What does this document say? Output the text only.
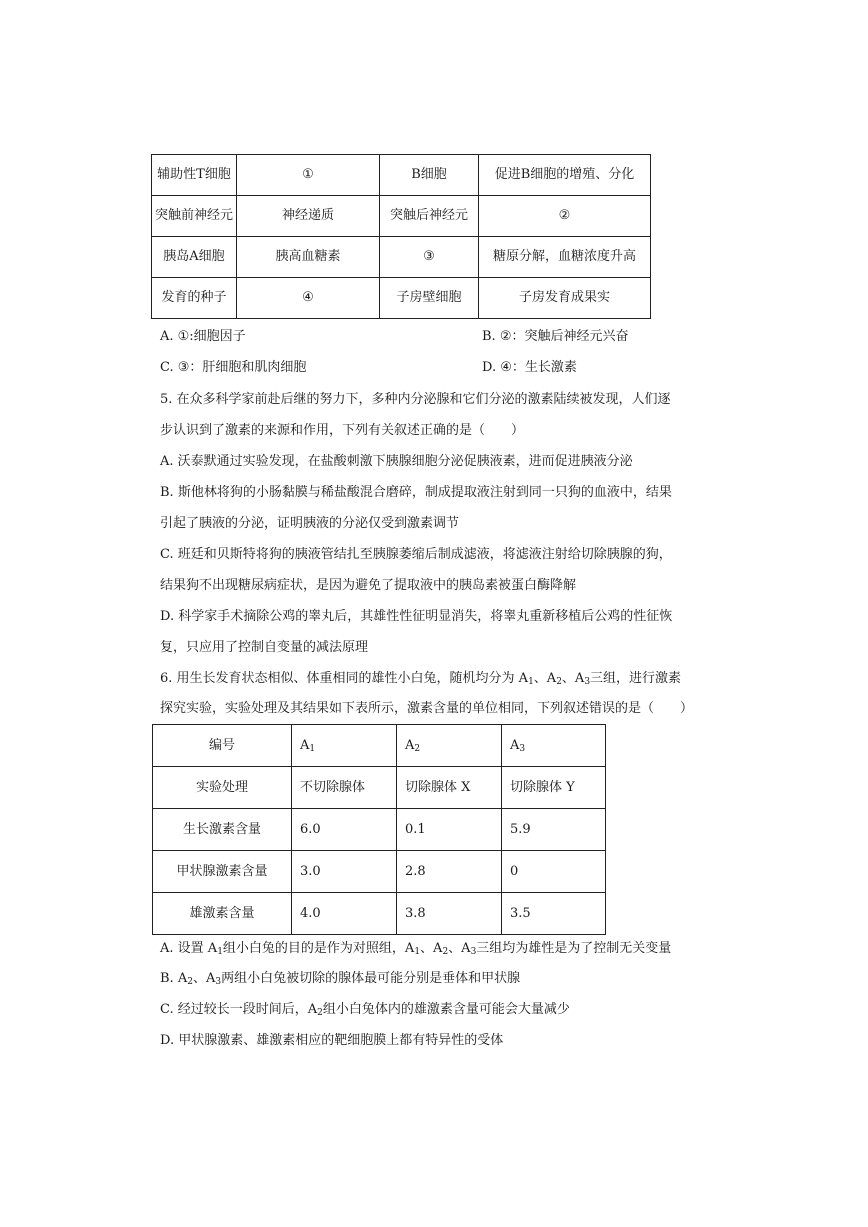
辅助性T细胞	①	B细胞	促进B细胞的增殖、分化
突触前神经元	神经递质	突触后神经元	②
胰岛A细胞	胰高血糖素	③	糖原分解，血糖浓度升高
发育的种子	④	子房壁细胞	子房发育成果实
A. ①:细胞因子	B. ②：突触后神经元兴奋
C. ③：肝细胞和肌肉细胞	D. ④：生长激素
5. 在众多科学家前赴后继的努力下，多种内分泌腺和它们分泌的激素陆续被发现，人们逐
步认识到了激素的来源和作用，下列有关叙述正确的是（　　）
A. 沃泰默通过实验发现，在盐酸刺激下胰腺细胞分泌促胰液素，进而促进胰液分泌
B. 斯他林将狗的小肠黏膜与稀盐酸混合磨碎，制成提取液注射到同一只狗的血液中，结果
引起了胰液的分泌，证明胰液的分泌仅受到激素调节
C. 班廷和贝斯特将狗的胰液管结扎至胰腺萎缩后制成滤液，将滤液注射给切除胰腺的狗，
结果狗不出现糖尿病症状，是因为避免了提取液中的胰岛素被蛋白酶降解
D. 科学家手术摘除公鸡的睾丸后，其雄性性征明显消失，将睾丸重新移植后公鸡的性征恢
复，只应用了控制自变量的减法原理
6. 用生长发育状态相似、体重相同的雄性小白兔，随机均分为 $A_1$、$A_2$、$A_3$三组，进行激素
探究实验，实验处理及其结果如下表所示，激素含量的单位相同，下列叙述错误的是（　　）
编号	$A_1$	$A_2$	$A_3$
实验处理	不切除腺体	切除腺体 X	切除腺体 Y
生长激素含量	6.0	0.1	5.9
甲状腺激素含量	3.0	2.8	0
雄激素含量	4.0	3.8	3.5
A. 设置 $A_1$组小白兔的目的是作为对照组，$A_1$、$A_2$、$A_3$三组均为雄性是为了控制无关变量
B. $A_2$、$A_3$两组小白兔被切除的腺体最可能分别是垂体和甲状腺
C. 经过较长一段时间后，$A_2$组小白兔体内的雄激素含量可能会大量减少
D. 甲状腺激素、雄激素相应的靶细胞膜上都有特异性的受体
